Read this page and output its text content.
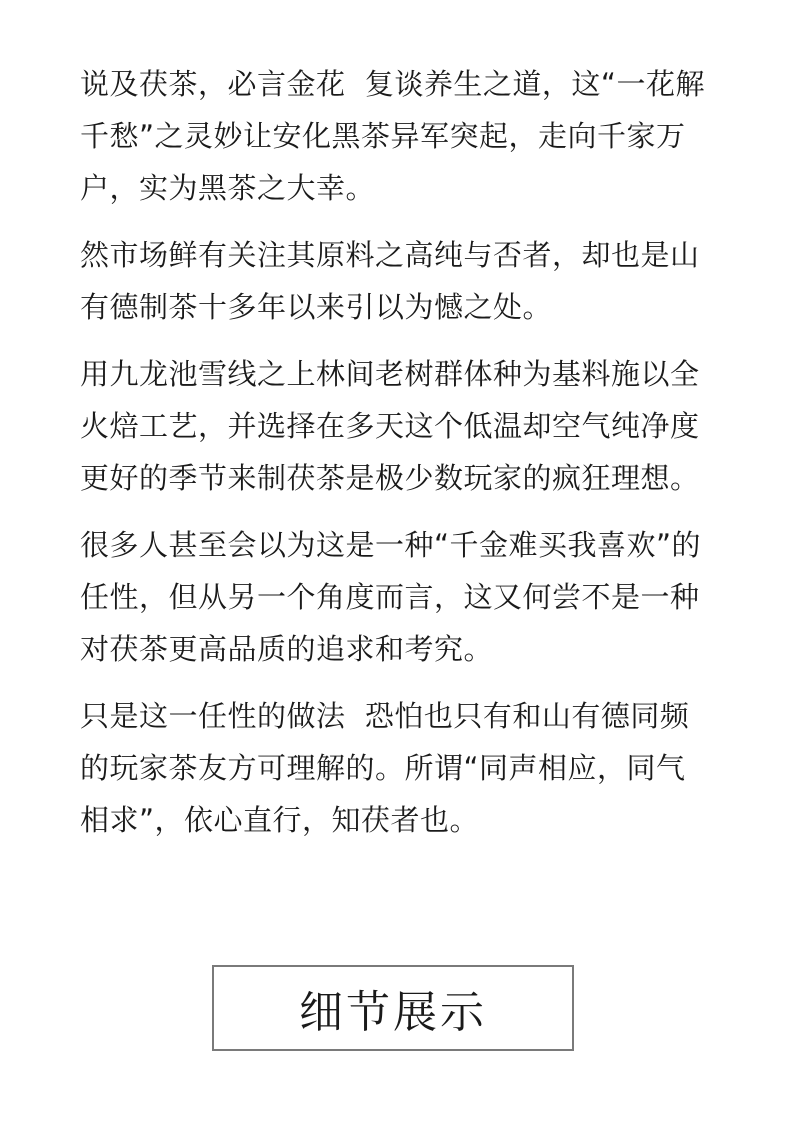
说及茯茶，必言金花  复谈养生之道，这“一花解千愁”之灵妙让安化黑茶异军突起，走向千家万户，实为黑茶之大幸。

然市场鲜有关注其原料之高纯与否者，却也是山有德制茶十多年以来引以为憾之处。

用九龙池雪线之上林间老树群体种为基料施以全火焙工艺，并选择在多天这个低温却空气纯净度更好的季节来制茯茶是极少数玩家的疯狂理想。

很多人甚至会以为这是一种“千金难买我喜欢”的任性，但从另一个角度而言，这又何尝不是一种对茯茶更高品质的追求和考究。

只是这一任性的做法  恐怕也只有和山有德同频的玩家茶友方可理解的。所谓“同声相应，同气相求”，依心直行，知茯者也。

细节展示
